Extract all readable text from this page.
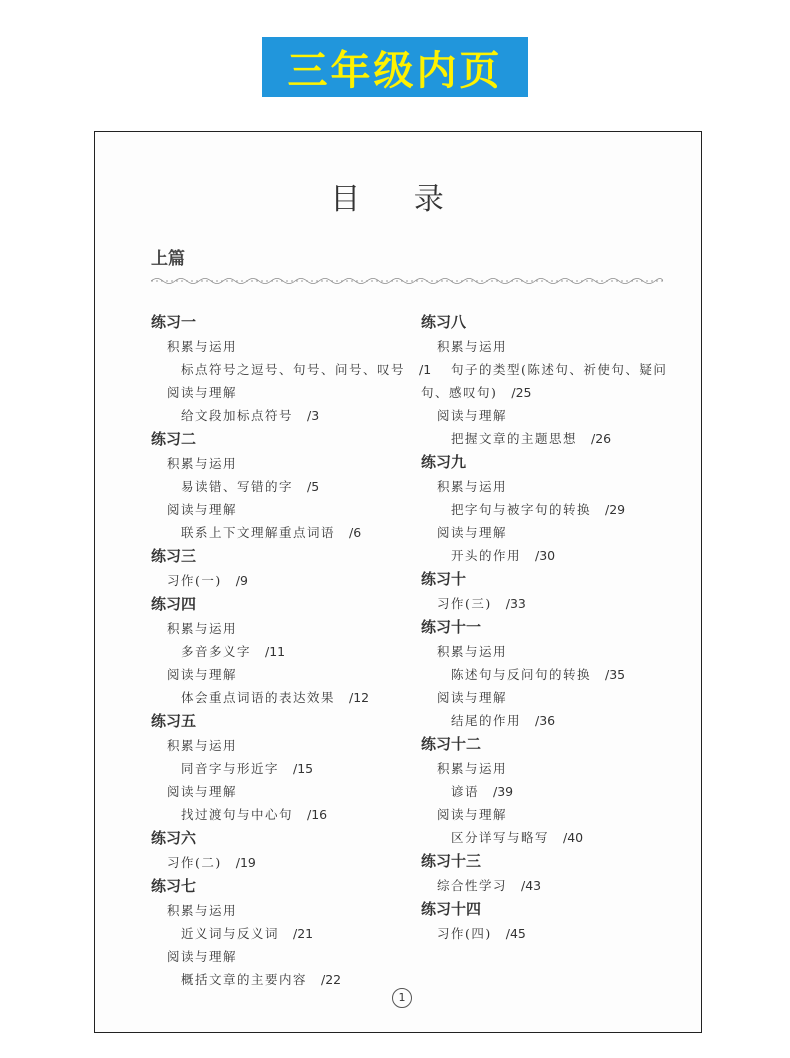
三年级内页
目 录
上篇
练习一
积累与运用
标点符号之逗号、句号、问号、叹号 /1
阅读与理解
给文段加标点符号 /3
练习二
积累与运用
易读错、写错的字 /5
阅读与理解
联系上下文理解重点词语 /6
练习三
习作(一) /9
练习四
积累与运用
多音多义字 /11
阅读与理解
体会重点词语的表达效果 /12
练习五
积累与运用
同音字与形近字 /15
阅读与理解
找过渡句与中心句 /16
练习六
习作(二) /19
练习七
积累与运用
近义词与反义词 /21
阅读与理解
概括文章的主要内容 /22
练习八
积累与运用
句子的类型(陈述句、祈使句、疑问
句、感叹句) /25
阅读与理解
把握文章的主题思想 /26
练习九
积累与运用
把字句与被字句的转换 /29
阅读与理解
开头的作用 /30
练习十
习作(三) /33
练习十一
积累与运用
陈述句与反问句的转换 /35
阅读与理解
结尾的作用 /36
练习十二
积累与运用
谚语 /39
阅读与理解
区分详写与略写 /40
练习十三
综合性学习 /43
练习十四
习作(四) /45
1
